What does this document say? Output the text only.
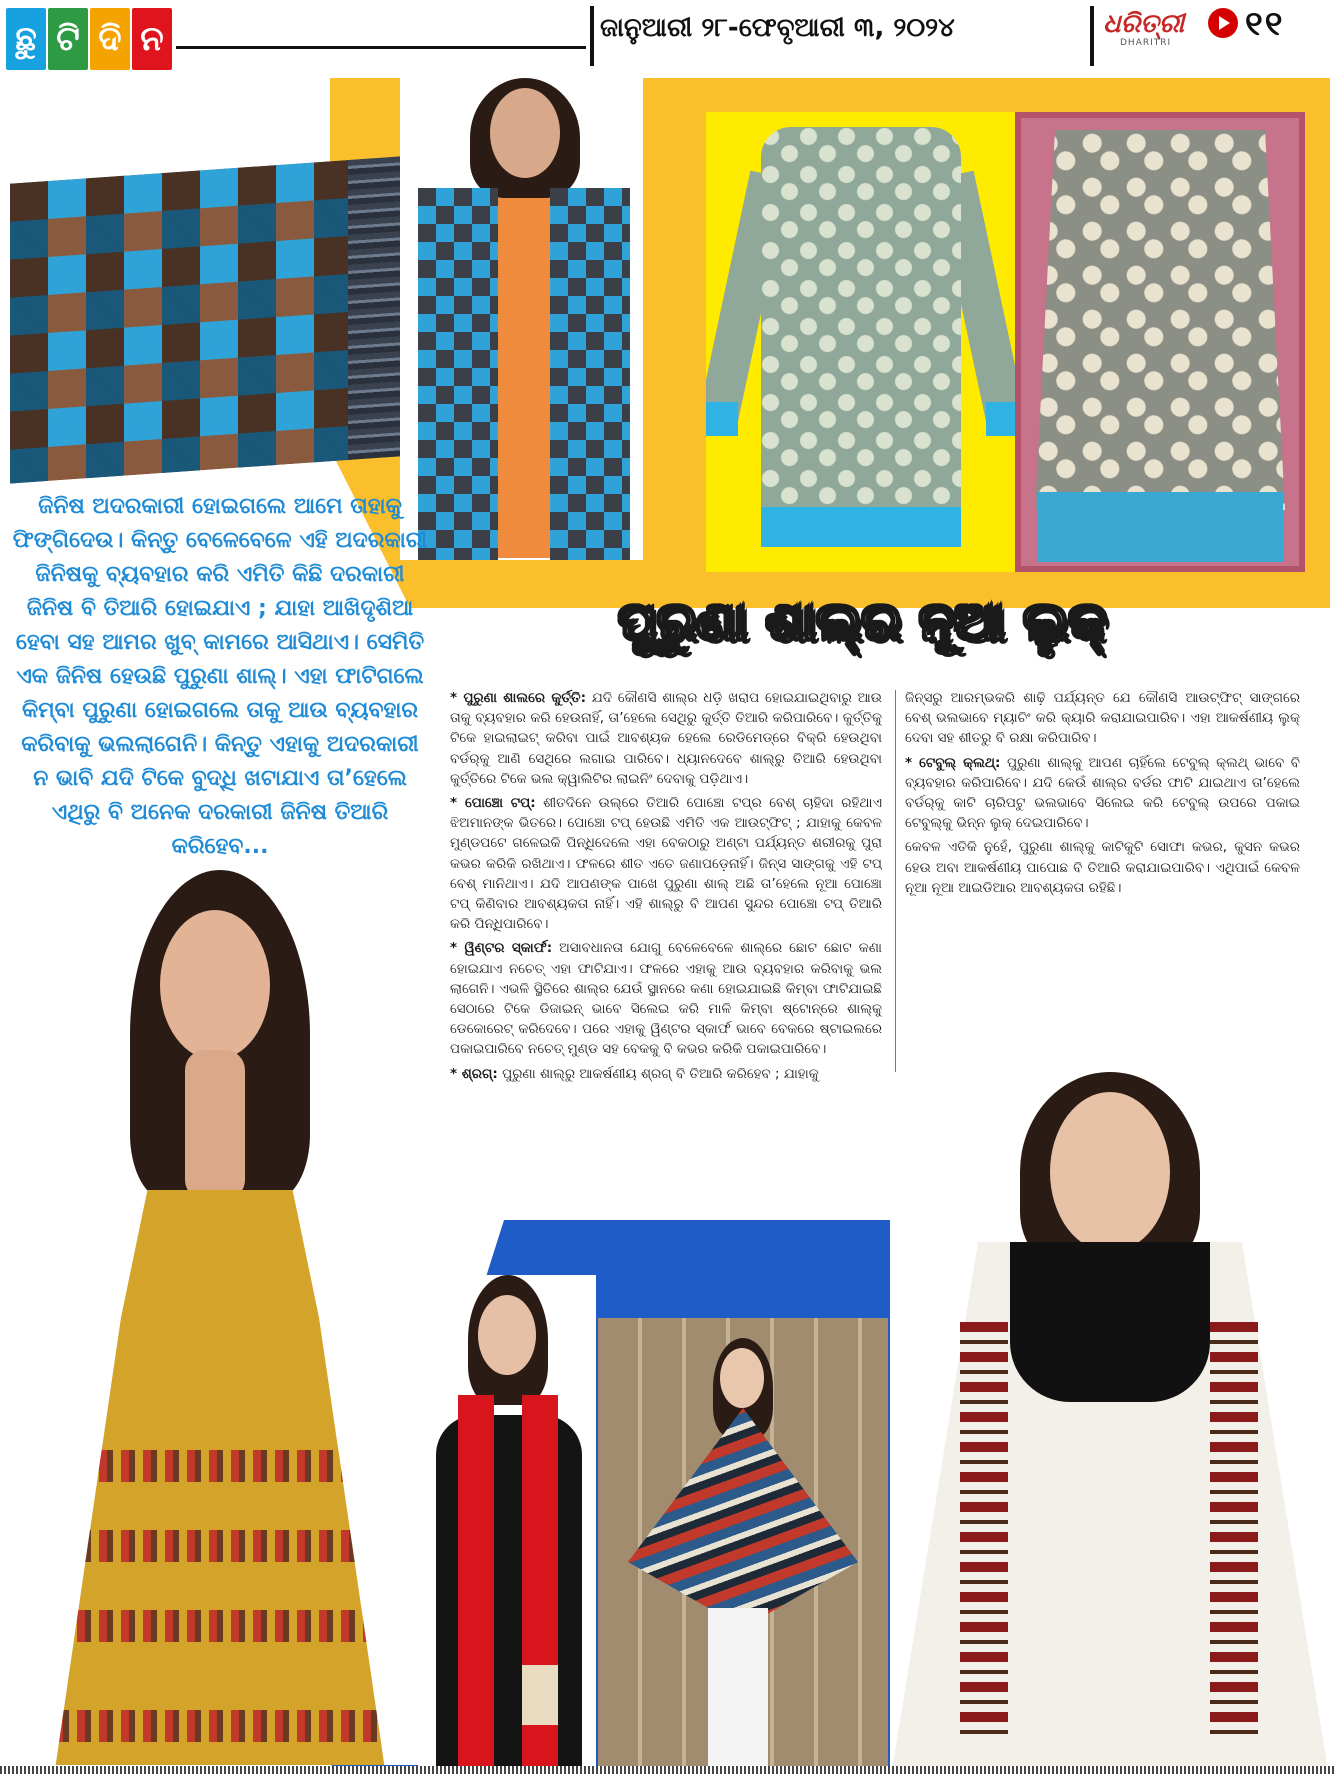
ଛୁ ଟି ଦି ନ	ଜାନୁଆରୀ ୨୮-ଫେବୃଆରୀ ୩, ୨୦୨୪	ଧରିତ୍ରୀ
DHARITRI ୧୧
ଜିନିଷ ଅଦରକାରୀ ହୋଇଗଲେ ଆମେ ତାହାକୁ ଫିଙ୍ଗିଦେଉ। କିନ୍ତୁ ବେଳେବେଳେ ଏହି ଅଦରକାରୀ ଜିନିଷକୁ ବ୍ୟବହାର କରି ଏମିତି କିଛି ଦରକାରୀ ଜିନିଷ ବି ତିଆରି ହୋଇଯାଏ ; ଯାହା ଆଖିଦୃଶିଆ ହେବା ସହ ଆମର ଖୁବ୍ କାମରେ ଆସିଥାଏ। ସେମିତି ଏକ ଜିନିଷ ହେଉଛି ପୁରୁଣା ଶାଲ୍। ଏହା ଫାଟିଗଲେ କିମ୍ବା ପୁରୁଣା ହୋଇଗଲେ ତାକୁ ଆଉ ବ୍ୟବହାର କରିବାକୁ ଭଲଲାଗେନି। କିନ୍ତୁ ଏହାକୁ ଅଦରକାରୀ ନ ଭାବି ଯଦି ଟିକେ ବୁଦ୍ଧି ଖଟାଯାଏ ତା’ହେଲେ ଏଥିରୁ ବି ଅନେକ ଦରକାରୀ ଜିନିଷ ତିଆରି କରିହେବ...
ପୁରୁଣା ଶାଲ୍‌ର ନୂଆ ଲୁକ୍

* ପୁରୁଣା ଶାଲରେ କୁର୍ତ୍ତି: ଯଦି କୌଣସି ଶାଲ୍‌ର ଧଡ଼ି ଖରାପ ହୋଇଯାଇଥିବାରୁ ଆଉ ତାକୁ ବ୍ୟବହାର କରି ହେଉନାହିଁ, ତା’ହେଲେ ସେଥିରୁ କୁର୍ତ୍ତି ତିଆରି କରିପାରିବେ। କୁର୍ତ୍ତିକୁ ଟିକେ ହାଇଲାଇଟ୍ କରିବା ପାଇଁ ଆବଶ୍ୟକ ହେଲେ ରେଡିମେଡ୍‌ରେ ବିକ୍ରି ହେଉଥିବା ବର୍ଡର୍‌କୁ ଆଣି ସେଥିରେ ଲଗାଇ ପାରିବେ। ଧ୍ୟାନଦେବେ ଶାଲ୍‌ରୁ ତିଆରି ହେଉଥିବା କୁର୍ତ୍ତିରେ ଟିକେ ଭଲ କ୍ୱାଲିଟିର ଲାଇନିଂ ଦେବାକୁ ପଡ଼ିଥାଏ।

* ପୋଞ୍ଚୋ ଟପ୍: ଶୀତଦିନେ ଉଲ୍‌ରେ ତିଆରି ପୋଞ୍ଚୋ ଟପ୍‌ର ବେଶ୍ ଚାହିଦା ରହିଥାଏ ଝିଅମାନଙ୍କ ଭିତରେ। ପୋଞ୍ଚୋ ଟପ୍ ହେଉଛି ଏମିତି ଏକ ଆଉଟ୍‌ଫିଟ୍ ; ଯାହାକୁ କେବଳ ମୁଣ୍ଡପଟେ ଗଳେଇକି ପିନ୍ଧିଦେଲେ ଏହା ବେକଠାରୁ ଅଣ୍ଟା ପର୍ଯ୍ୟନ୍ତ ଶରୀରକୁ ପୁରା କଭର କରିକି ରଖିଥାଏ। ଫଳରେ ଶୀତ ଏତେ ଜଣାପଡ଼େନାହିଁ। ଜିନ୍ସ ସାଙ୍ଗକୁ ଏହି ଟପ୍ ବେଶ୍ ମାନିଥାଏ। ଯଦି ଆପଣଙ୍କ ପାଖେ ପୁରୁଣା ଶାଲ୍ ଅଛି ତା’ହେଲେ ନୂଆ ପୋଞ୍ଚୋ ଟପ୍ କିଣିବାର ଆବଶ୍ୟକତା ନାହିଁ। ଏହି ଶାଲ୍‌ରୁ ବି ଆପଣ ସୁନ୍ଦର ପୋଞ୍ଚୋ ଟପ୍ ତିଆରି କରି ପିନ୍ଧିପାରିବେ।

* ୱିଣ୍ଟର ସ୍କାର୍ଫ: ଅସାବଧାନତା ଯୋଗୁ ବେଳେବେଳେ ଶାଲ୍‌ରେ ଛୋଟ ଛୋଟ କଣା ହୋଇଯାଏ ନଚେତ୍ ଏହା ଫାଟିଯାଏ। ଫଳରେ ଏହାକୁ ଆଉ ବ୍ୟବହାର କରିବାକୁ ଭଲ ଲାଗେନି। ଏଭଳି ସ୍ଥିତିରେ ଶାଲ୍‌ର ଯେଉଁ ସ୍ଥାନରେ କଣା ହୋଇଯାଇଛି କିମ୍ବା ଫାଟିଯାଇଛି ସେଠାରେ ଟିକେ ଡିଜାଇନ୍ ଭାବେ ସିଲେଇ କରି ମାଳି କିମ୍ବା ଷ୍ଟୋନ୍‌ରେ ଶାଲ୍‌କୁ ଡେକୋରେଟ୍ କରିଦେବେ। ପରେ ଏହାକୁ ୱିଣ୍ଟର ସ୍କାର୍ଫ ଭାବେ ବେକରେ ଷ୍ଟାଇଲରେ ପକାଇପାରିବେ ନଚେତ୍ ମୁଣ୍ଡ ସହ ବେକକୁ ବି କଭର କରିକି ପକାଇପାରିବେ।

* ଶ୍ରଗ୍: ପୁରୁଣା ଶାଲ୍‌ରୁ ଆକର୍ଷଣୀୟ ଶ୍ରଗ୍ ବି ତିଆରି କରିହେବ ; ଯାହାକୁ

ଜିନ୍ସରୁ ଆରମ୍ଭକରି ଶାଢ଼ି ପର୍ଯ୍ୟନ୍ତ ଯେ କୌଣସି ଆଉଟ୍‌ଫିଟ୍ ସାଙ୍ଗରେ ବେଶ୍ ଭଲଭାବେ ମ୍ୟାଚିଂ କରି କ୍ୟାରି କରାଯାଇପାରିବ। ଏହା ଆକର୍ଷଣୀୟ ଲୁକ୍ ଦେବା ସହ ଶୀତରୁ ବି ରକ୍ଷା କରିପାରିବ।

* ଟେବୁଲ୍ କ୍ଲଥ୍: ପୁରୁଣା ଶାଲ୍‌କୁ ଆପଣ ଚାହିଁଲେ ଟେବୁଲ୍ କ୍ଲଥ୍ ଭାବେ ବି ବ୍ୟବହାର କରିପାରିବେ। ଯଦି କେଉଁ ଶାଲ୍‌ର ବର୍ଡର ଫାଟି ଯାଇଥାଏ ତା’ହେଲେ ବର୍ଡର୍‌କୁ କାଟି ଚାରିପଟୁ ଭଲଭାବେ ସିଲେଇ କରି ଟେବୁଲ୍ ଉପରେ ପକାଇ ଟେବୁଲ୍‌କୁ ଭିନ୍ନ ଲୁକ୍ ଦେଇପାରିବେ।

କେବଳ ଏତିକି ନୁହେଁ, ପୁରୁଣା ଶାଲ୍‌କୁ କାଟିକୁଟି ସୋଫା କଭର, କୁସନ କଭର ହେଉ ଅବା ଆକର୍ଷଣୀୟ ପାପୋଛ ବି ତିଆରି କରାଯାଇପାରିବ। ଏଥିପାଇଁ କେବଳ ନୂଆ ନୂଆ ଆଇଡିଆର ଆବଶ୍ୟକତା ରହିଛି।
